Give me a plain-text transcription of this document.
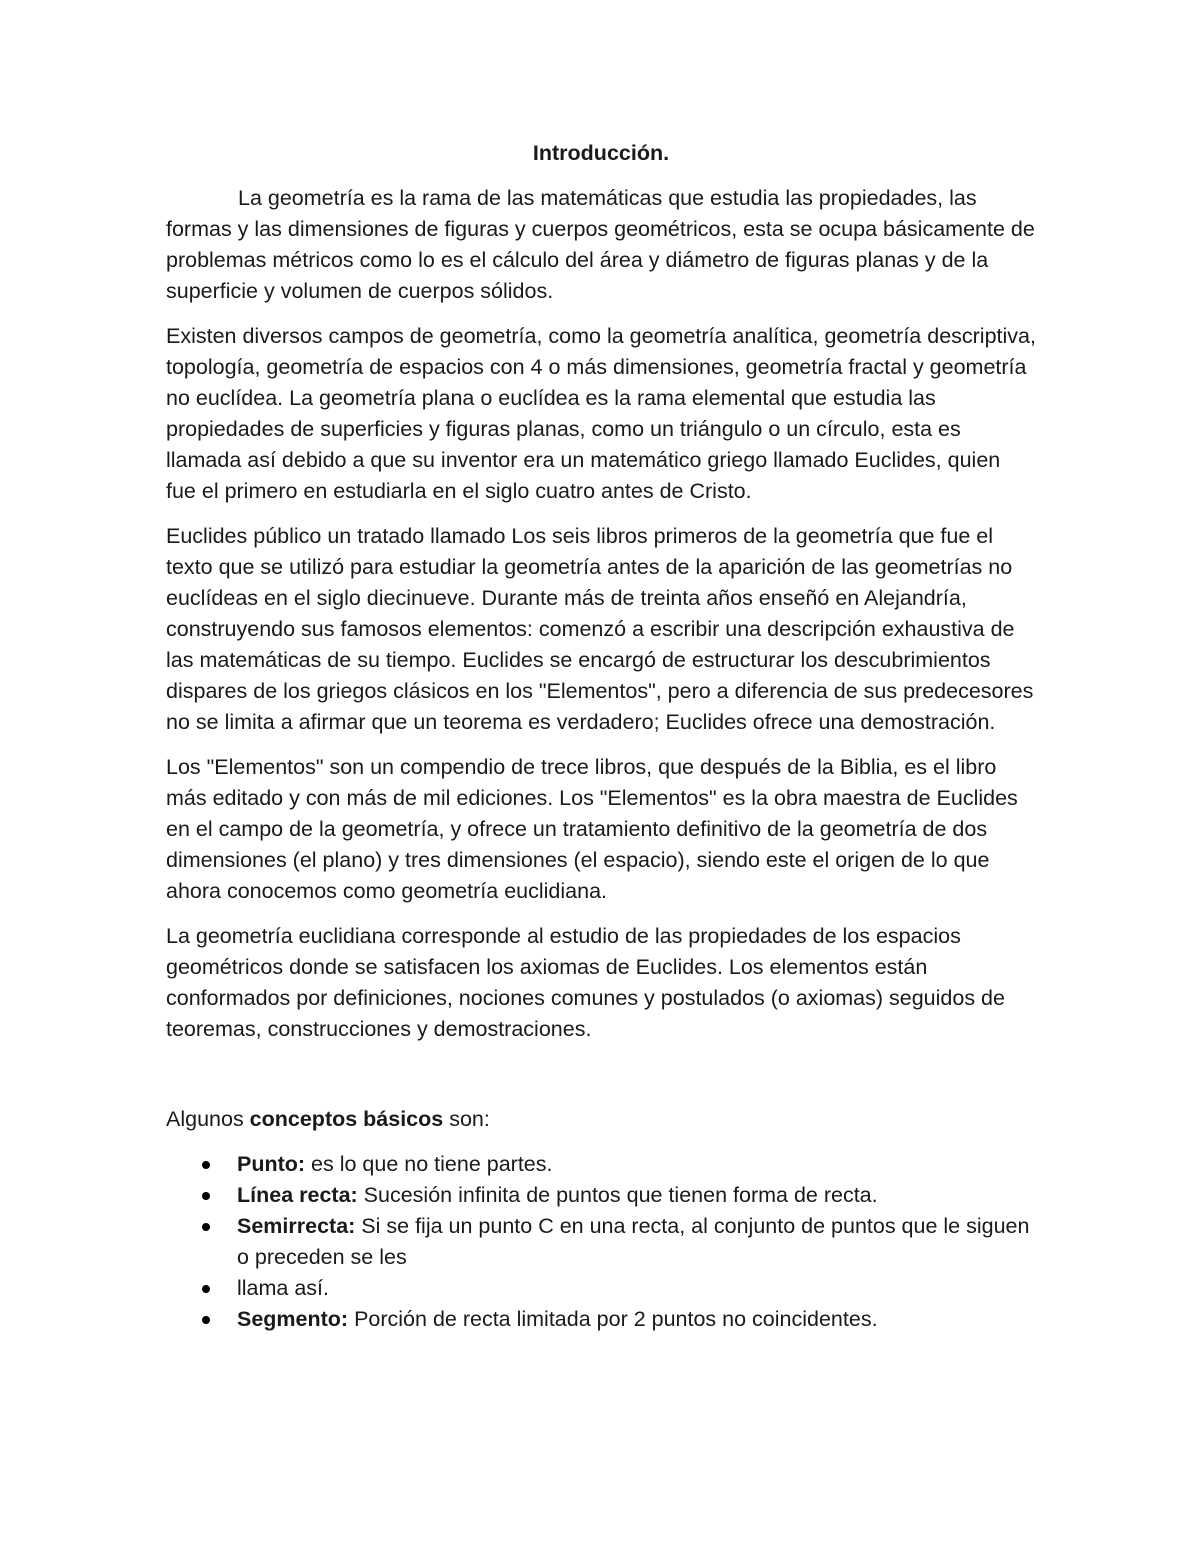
Introducción.

La geometría es la rama de las matemáticas que estudia las propiedades, las formas y las dimensiones de figuras y cuerpos geométricos, esta se ocupa básicamente de problemas métricos como lo es el cálculo del área y diámetro de figuras planas y de la superficie y volumen de cuerpos sólidos.

Existen diversos campos de geometría, como la geometría analítica, geometría descriptiva, topología, geometría de espacios con 4 o más dimensiones, geometría fractal y geometría no euclídea. La geometría plana o euclídea es la rama elemental que estudia las propiedades de superficies y figuras planas, como un triángulo o un círculo, esta es llamada así debido a que su inventor era un matemático griego llamado Euclides, quien fue el primero en estudiarla en el siglo cuatro antes de Cristo.

Euclides público un tratado llamado Los seis libros primeros de la geometría que fue el texto que se utilizó para estudiar la geometría antes de la aparición de las geometrías no euclídeas en el siglo diecinueve. Durante más de treinta años enseñó en Alejandría, construyendo sus famosos elementos: comenzó a escribir una descripción exhaustiva de las matemáticas de su tiempo. Euclides se encargó de estructurar los descubrimientos dispares de los griegos clásicos en los "Elementos", pero a diferencia de sus predecesores no se limita a afirmar que un teorema es verdadero; Euclides ofrece una demostración.

Los "Elementos" son un compendio de trece libros, que después de la Biblia, es el libro más editado y con más de mil ediciones. Los "Elementos" es la obra maestra de Euclides en el campo de la geometría, y ofrece un tratamiento definitivo de la geometría de dos dimensiones (el plano) y tres dimensiones (el espacio), siendo este el origen de lo que ahora conocemos como geometría euclidiana.

La geometría euclidiana corresponde al estudio de las propiedades de los espacios geométricos donde se satisfacen los axiomas de Euclides. Los elementos están conformados por definiciones, nociones comunes y postulados (o axiomas) seguidos de teoremas, construcciones y demostraciones.

Algunos conceptos básicos son:
Punto: es lo que no tiene partes.
Línea recta: Sucesión infinita de puntos que tienen forma de recta.
Semirrecta: Si se fija un punto C en una recta, al conjunto de puntos que le siguen o preceden se les
llama así.
Segmento: Porción de recta limitada por 2 puntos no coincidentes.
